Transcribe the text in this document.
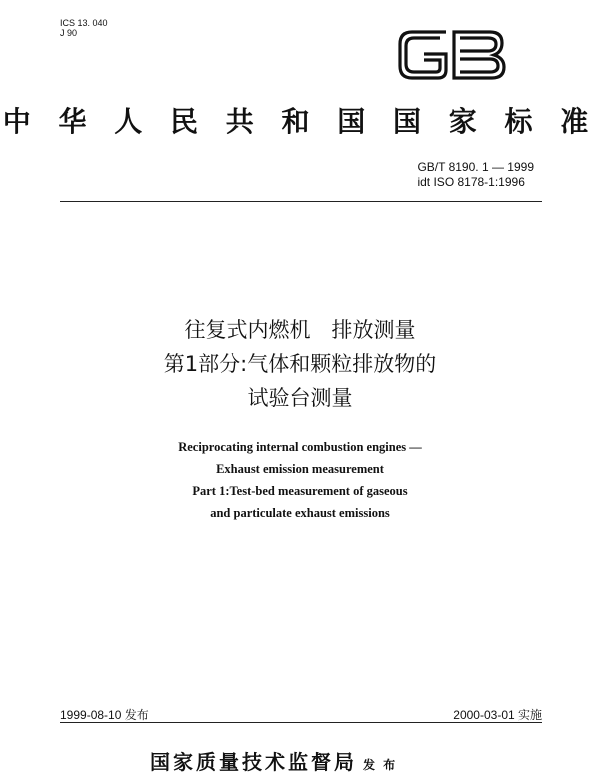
ICS 13. 040
J 90
中 华 人 民 共 和 国 国 家 标 准
GB/T 8190. 1 — 1999
idt ISO 8178-1:1996
往复式内燃机　排放测量
第1部分:气体和颗粒排放物的
试验台测量
Reciprocating internal combustion engines —
Exhaust emission measurement
Part 1:Test-bed measurement of gaseous
and particulate exhaust emissions
1999-08-10 发布	2000-03-01 实施
国家质量技术监督局 发 布
